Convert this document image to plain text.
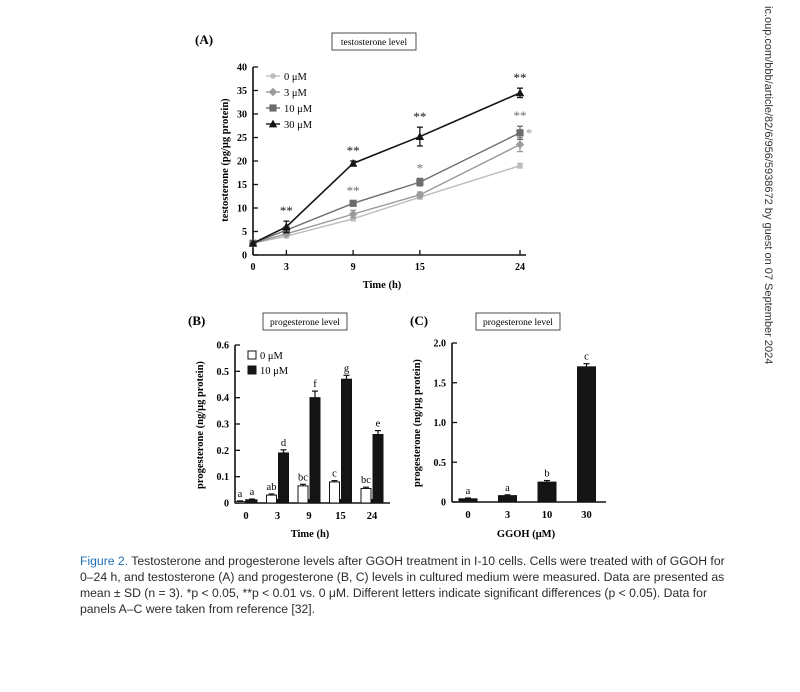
(A)	testosterone level
testosterone (pg/μg protein)
Time (h)
0
5
10
15
20
25
30
35
40
0	3	9	15	24
*
**
*
**
**
**
**
**
0 μM
3 μM
10 μM
30 μM
(B)	progesterone level
progesterone (ng/μg protein)
Time (h)
0
0.1
0.2
0.3
0.4
0.5
0.6
0	3	9 15 24
a a ab
d
bc
f
c
g
bc
e
0 μM
10 μM
(C)	progesterone level
progesterone (ng/μg protein)
GGOH (μM)
0
0.5
1.0
1.5
2.0
0	3	10	30
a	a
b
c	ic.oup.com/bbb/article/82/6/956/5938672 by guest on 07 September 2024
Figure 2. Testosterone and progesterone levels after GGOH treatment in I-10 cells. Cells were treated with of GGOH for 0–24 h, and testosterone (A) and progesterone (B, C) levels in cultured medium were measured. Data are presented as mean ± SD (n = 3). *p < 0.05, **p < 0.01 vs. 0 μM. Different letters indicate significant differences (p < 0.05). Data for panels A–C were taken from reference [32].
